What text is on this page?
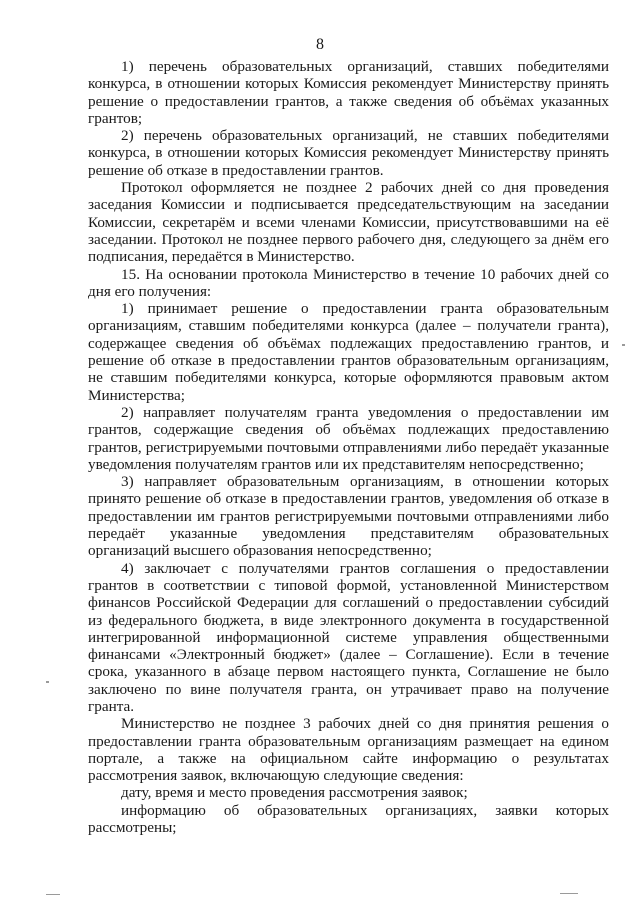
8

1) перечень образовательных организаций, ставших победителями конкурса, в отношении которых Комиссия рекомендует Министерству принять решение о предоставлении грантов, а также сведения об объёмах указанных грантов;

2) перечень образовательных организаций, не ставших победителями конкурса, в отношении которых Комиссия рекомендует Министерству принять решение об отказе в предоставлении грантов.

Протокол оформляется не позднее 2 рабочих дней со дня проведения заседания Комиссии и подписывается председательствующим на заседании Комиссии, секретарём и всеми членами Комиссии, присутствовавшими на её заседании. Протокол не позднее первого рабочего дня, следующего за днём его подписания, передаётся в Министерство.

15. На основании протокола Министерство в течение 10 рабочих дней со дня его получения:

1) принимает решение о предоставлении гранта образовательным организациям, ставшим победителями конкурса (далее – получатели гранта), содержащее сведения об объёмах подлежащих предоставлению грантов, и решение об отказе в предоставлении грантов образовательным организациям, не ставшим победителями конкурса, которые оформляются правовым актом Министерства;

2) направляет получателям гранта уведомления о предоставлении им грантов, содержащие сведения об объёмах подлежащих предоставлению грантов, регистрируемыми почтовыми отправлениями либо передаёт указанные уведомления получателям грантов или их представителям непосредственно;

3) направляет образовательным организациям, в отношении которых принято решение об отказе в предоставлении грантов, уведомления об отказе в предоставлении им грантов регистрируемыми почтовыми отправлениями либо передаёт указанные уведомления представителям образовательных организаций высшего образования непосредственно;

4) заключает с получателями грантов соглашения о предоставлении грантов в соответствии с типовой формой, установленной Министерством финансов Российской Федерации для соглашений о предоставлении субсидий из федерального бюджета, в виде электронного документа в государственной интегрированной информационной системе управления общественными финансами «Электронный бюджет» (далее – Соглашение). Если в течение срока, указанного в абзаце первом настоящего пункта, Соглашение не было заключено по вине получателя гранта, он утрачивает право на получение гранта.

Министерство не позднее 3 рабочих дней со дня принятия решения о предоставлении гранта образовательным организациям размещает на едином портале, а также на официальном сайте информацию о результатах рассмотрения заявок, включающую следующие сведения:

дату, время и место проведения рассмотрения заявок;

информацию об образовательных организациях, заявки которых рассмотрены;
